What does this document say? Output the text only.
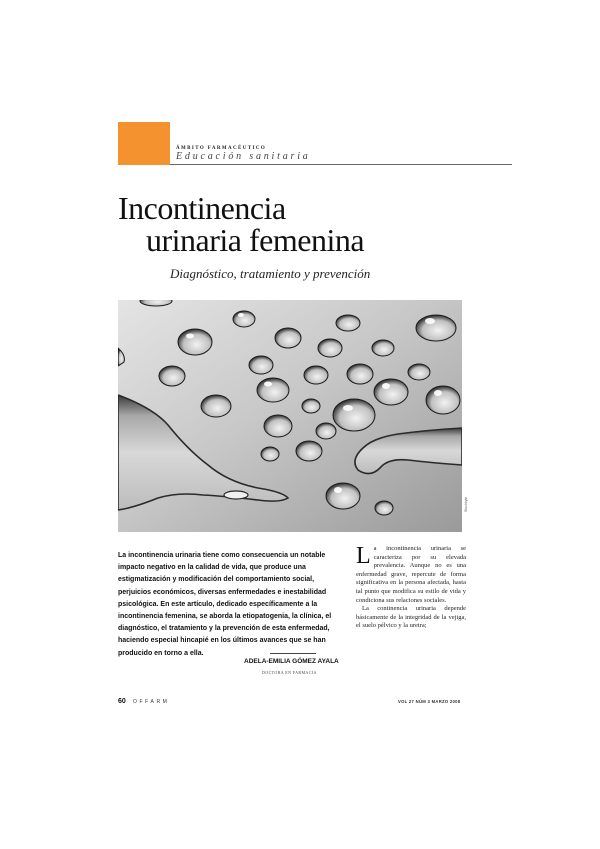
ÁMBITO FARMACÉUTICO
Educación sanitaria
Incontinencia
urinaria femenina
Diagnóstico, tratamiento y prevención
Stockbyte

La incontinencia urinaria tiene como consecuencia un notable impacto negativo en la calidad de vida, que produce una estigmatización y modificación del comportamiento social, perjuicios económicos, diversas enfermedades e inestabilidad psicológica. En este artículo, dedicado específicamente a la incontinencia femenina, se aborda la etiopatogenia, la clínica, el diagnóstico, el tratamiento y la prevención de esta enfermedad, haciendo especial hincapié en los últimos avances que se han producido en torno a ella.

ADELA-EMILIA GÓMEZ AYALA
DOCTORA EN FARMACIA

La incontinencia urinaria se caracteriza por su elevada prevalencia. Aunque no es una enfermedad grave, repercute de forma significativa en la persona afectada, hasta tal punto que modifica su estilo de vida y condiciona sus relaciones sociales.

La continencia urinaria depende básicamente de la integridad de la vejiga, el suelo pélvico y la uretra;

60 OFFARM	VOL 27 NÚM 3 MARZO 2008
